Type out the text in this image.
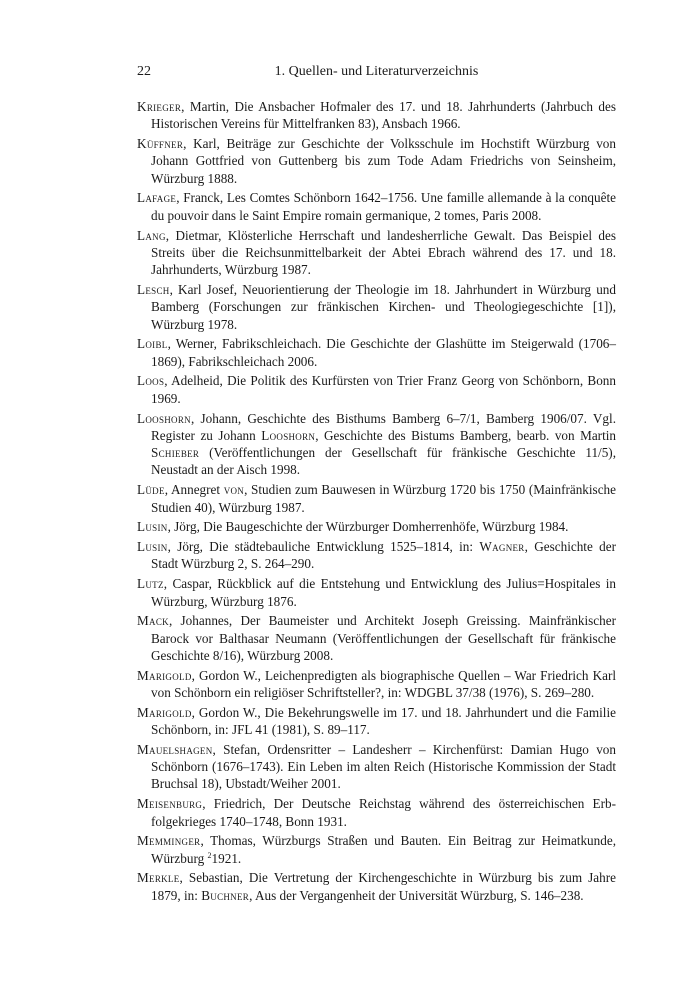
22	1. Quellen- und Literaturverzeichnis

Krieger, Martin, Die Ansbacher Hofmaler des 17. und 18. Jahrhunderts (Jahrbuch des Historischen Vereins für Mittelfranken 83), Ansbach 1966.

Küffner, Karl, Beiträge zur Geschichte der Volksschule im Hochstift Würzburg von Johann Gottfried von Guttenberg bis zum Tode Adam Friedrichs von Seinsheim, Würzburg 1888.

Lafage, Franck, Les Comtes Schönborn 1642–1756. Une famille allemande à la conquête du pouvoir dans le Saint Empire romain germanique, 2 tomes, Paris 2008.

Lang, Dietmar, Klösterliche Herrschaft und landesherrliche Gewalt. Das Beispiel des Streits über die Reichsunmittelbarkeit der Abtei Ebrach während des 17. und 18. Jahrhunderts, Würzburg 1987.

Lesch, Karl Josef, Neuorientierung der Theologie im 18. Jahrhundert in Würzburg und Bamberg (Forschungen zur fränkischen Kirchen- und Theologiegeschichte [1]), Würzburg 1978.

Loibl, Werner, Fabrikschleichach. Die Geschichte der Glashütte im Steigerwald (1706–1869), Fabrikschleichach 2006.

Loos, Adelheid, Die Politik des Kurfürsten von Trier Franz Georg von Schönborn, Bonn 1969.

Looshorn, Johann, Geschichte des Bisthums Bamberg 6–7/1, Bamberg 1906/07. Vgl. Register zu Johann Looshorn, Geschichte des Bistums Bamberg, bearb. von Martin Schieber (Veröffentlichungen der Gesellschaft für fränkische Geschichte 11/5), Neustadt an der Aisch 1998.

Lüde, Annegret von, Studien zum Bauwesen in Würzburg 1720 bis 1750 (Mainfränkische Studien 40), Würzburg 1987.

Lusin, Jörg, Die Baugeschichte der Würzburger Domherrenhöfe, Würzburg 1984.

Lusin, Jörg, Die städtebauliche Entwicklung 1525–1814, in: Wagner, Geschichte der Stadt Würzburg 2, S. 264–290.

Lutz, Caspar, Rückblick auf die Entstehung und Entwicklung des Julius=Hospitales in Würzburg, Würzburg 1876.

Mack, Johannes, Der Baumeister und Architekt Joseph Greissing. Mainfränkischer Barock vor Balthasar Neumann (Veröffentlichungen der Gesellschaft für fränkische Geschichte 8/16), Würzburg 2008.

Marigold, Gordon W., Leichenpredigten als biographische Quellen – War Friedrich Karl von Schönborn ein religiöser Schriftsteller?, in: WDGBL 37/38 (1976), S. 269–280.

Marigold, Gordon W., Die Bekehrungswelle im 17. und 18. Jahrhundert und die Familie Schönborn, in: JFL 41 (1981), S. 89–117.

Mauelshagen, Stefan, Ordensritter – Landesherr – Kirchenfürst: Damian Hugo von Schönborn (1676–1743). Ein Leben im alten Reich (Historische Kommission der Stadt Bruchsal 18), Ubstadt/Weiher 2001.

Meisenburg, Friedrich, Der Deutsche Reichstag während des österreichischen Erbfolgekrieges 1740–1748, Bonn 1931.

Memminger, Thomas, Würzburgs Straßen und Bauten. Ein Beitrag zur Heimatkunde, Würzburg $^2$1921.

Merkle, Sebastian, Die Vertretung der Kirchengeschichte in Würzburg bis zum Jahre 1879, in: Buchner, Aus der Vergangenheit der Universität Würzburg, S. 146–238.
